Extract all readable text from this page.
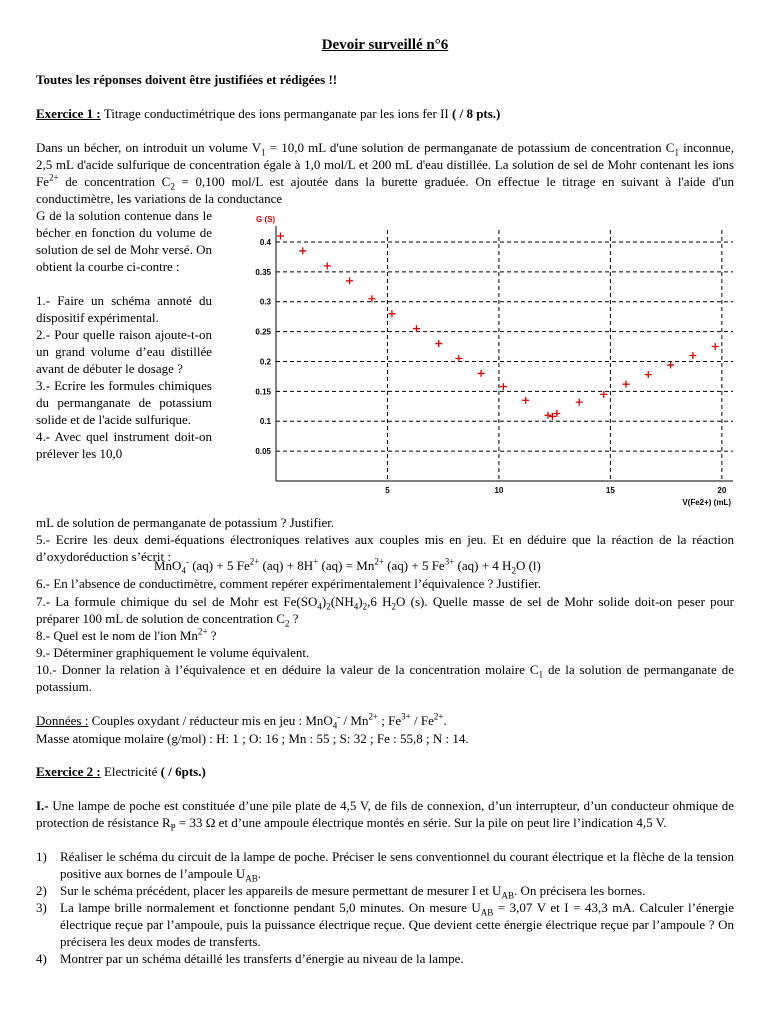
Devoir surveillé n°6
Toutes les réponses doivent être justifiées et rédigées !!
Exercice 1 : Titrage conductimétrique des ions permanganate par les ions fer II ( / 8 pts.)
Dans un bécher, on introduit un volume $V_1 = 10,0$ mL d'une solution de permanganate de potassium de concentration $C_1$ inconnue, 2,5 mL d'acide sulfurique de concentration égale à 1,0 mol/L et 200 mL d'eau distillée. La solution de sel de Mohr contenant les ions $Fe^{2+}$ de concentration $C_2 = 0,100$ mol/L est ajoutée dans la burette graduée. On effectue le titrage en suivant à l'aide d'un conductimètre, les variations de la conductance
G de la solution contenue dans le bécher en fonction du volume de solution de sel de Mohr versé. On obtient la courbe ci-contre :
1.- Faire un schéma annoté du dispositif expérimental.
2.- Pour quelle raison ajoute-t-on un grand volume d’eau distillée avant de débuter le dosage ?
3.- Ecrire les formules chimiques du permanganate de potassium solide et de l'acide sulfurique.
4.- Avec quel instrument doit-on prélever les 10,0
mL de solution de permanganate de potassium ? Justifier.
5.- Ecrire les deux demi-équations électroniques relatives aux couples mis en jeu. Et en déduire que la réaction de la réaction d’oxydoréduction s’écrit :
MnO$_4$- (aq) + 5 $Fe^{2+}$ (aq) + 8H+ $(aq) = Mn^{2+}$ (aq) + 5 $Fe^{3+}$ (aq) + 4 $H_2O$ (l)
6.- En l’absence de conductimètre, comment repérer expérimentalement l’équivalence ? Justifier.
7.- La formule chimique du sel de Mohr est $Fe(SO_4)_2(NH_4)_2,6$ $H_2O$ (s). Quelle masse de sel de Mohr solide doit-on peser pour préparer 100 mL de solution de concentration $C_2$ ?
8.- Quel est le nom de l'ion $Mn^{2+}$ ?
9.- Déterminer graphiquement le volume équivalent.
10.- Donner la relation à l’équivalence et en déduire la valeur de la concentration molaire $C_1$ de la solution de permanganate de potassium.
Données : Couples oxydant / réducteur mis en jeu : $MnO_4^- / Mn^{2+}$ ; $Fe^{3+} / Fe^{2+}$.
Masse atomique molaire (g/mol) : H: 1 ; O: 16 ; Mn : 55 ; S: 32 ; Fe : 55,8 ; N : 14.
Exercice 2 : Electricité ( / 6pts.)
I.- Une lampe de poche est constituée d’une pile plate de 4,5 V, de fils de connexion, d’un interrupteur, d’un conducteur ohmique de protection de résistance $R_P = 33$ Ω et d’une ampoule électrique montés en série. Sur la pile on peut lire l’indication 4,5 V.
1)	Réaliser le schéma du circuit de la lampe de poche. Préciser le sens conventionnel du courant électrique et la flèche de la tension positive aux bornes de l’ampoule $U_{AB}$.
2)	Sur le schéma précédent, placer les appareils de mesure permettant de mesurer I et $U_{AB}$. On précisera les bornes.
3)	La lampe brille normalement et fonctionne pendant 5,0 minutes. On mesure $U_{AB} = 3,07$ V et I = 43,3 mA. Calculer l’énergie électrique reçue par l’ampoule, puis la puissance électrique reçue. Que devient cette énergie électrique reçue par l’ampoule ? On précisera les deux modes de transferts.
4)	Montrer par un schéma détaillé les transferts d’énergie au niveau de la lampe.
5	10	15	20
0.05
0.1
0.15
0.2
0.25
0.3
0.35
0.4
G (S)
V(Fe2+) (mL)
